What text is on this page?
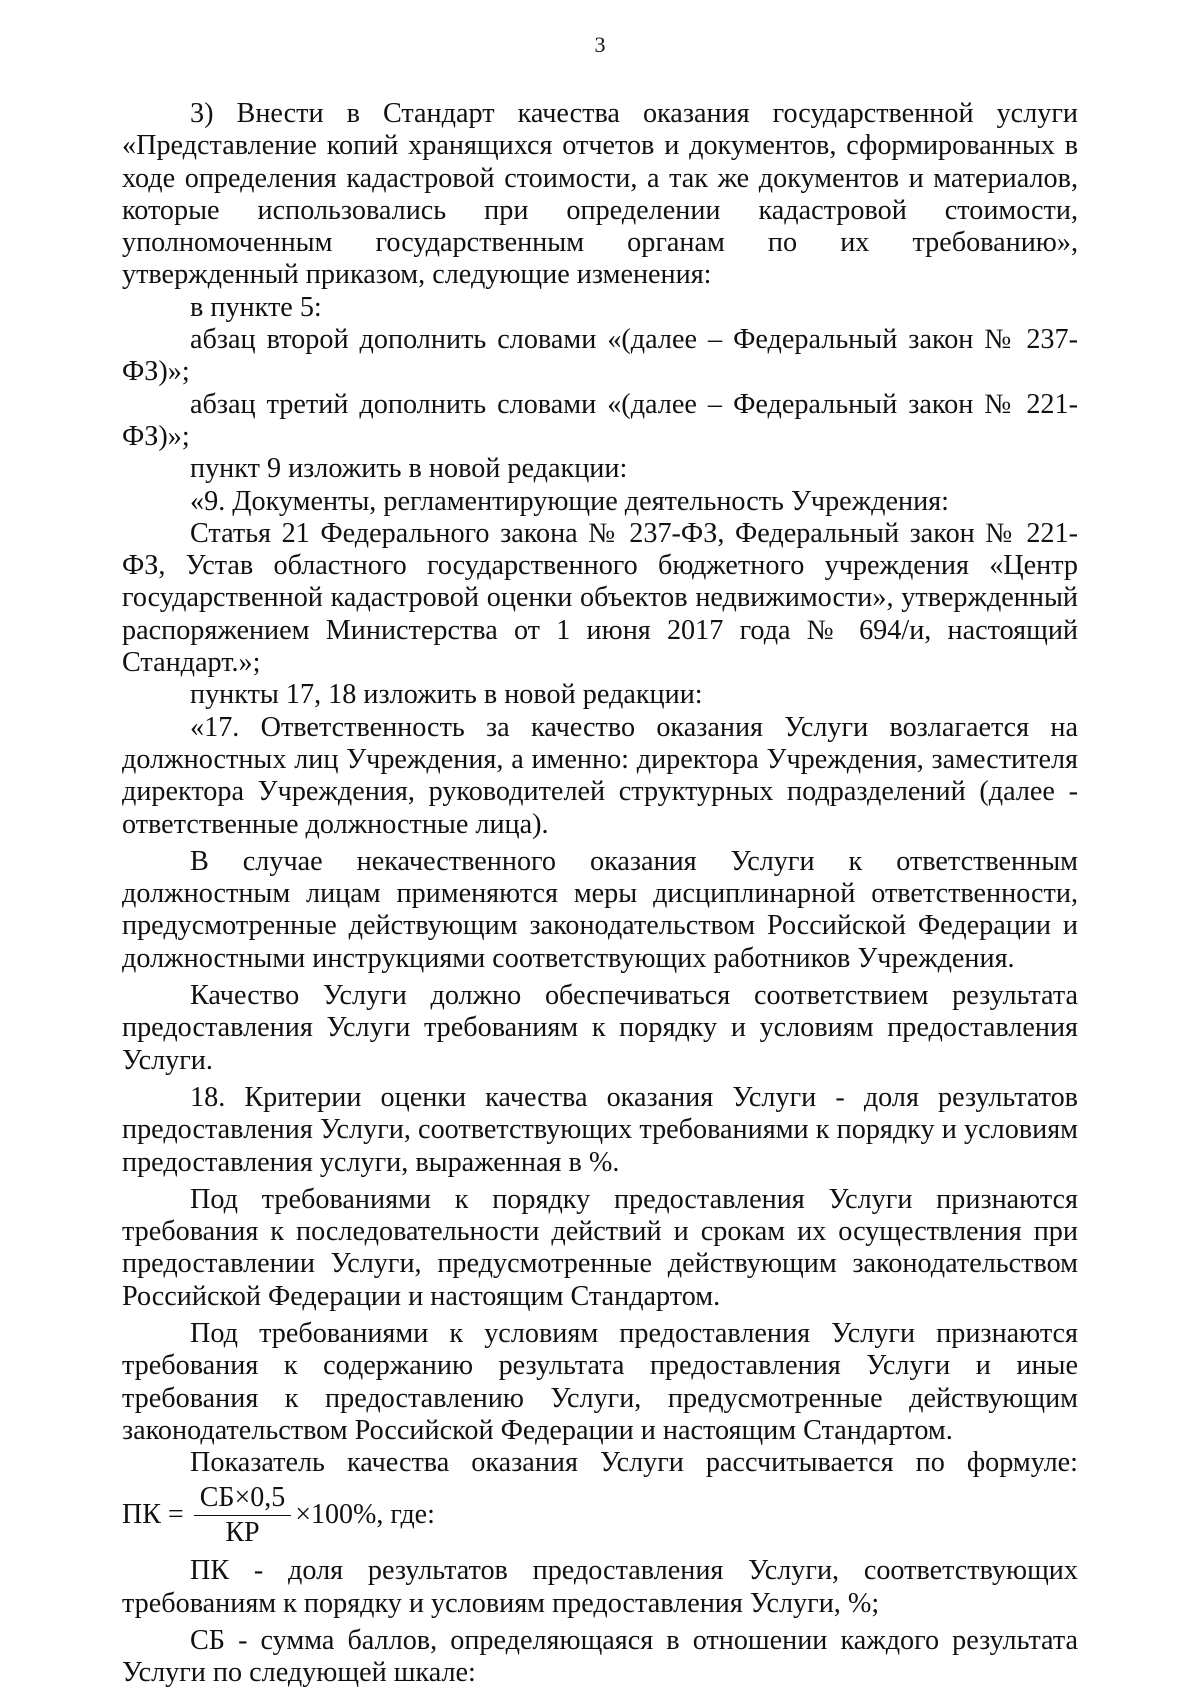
3

3) Внести в Стандарт качества оказания государственной услуги «Представление копий хранящихся отчетов и документов, сформированных в ходе определения кадастровой стоимости, а так же документов и материалов, которые использовались при определении кадастровой стоимости, уполномоченным государственным органам по их требованию», утвержденный приказом, следующие изменения:

в пункте 5:

абзац второй дополнить словами «(далее – Федеральный закон № 237-ФЗ)»;

абзац третий дополнить словами «(далее – Федеральный закон № 221-ФЗ)»;

пункт 9 изложить в новой редакции:

«9. Документы, регламентирующие деятельность Учреждения:

Статья 21 Федерального закона № 237-ФЗ, Федеральный закон № 221-ФЗ, Устав областного государственного бюджетного учреждения «Центр государственной кадастровой оценки объектов недвижимости», утвержденный распоряжением Министерства от 1 июня 2017 года № 694/и, настоящий Стандарт.»;

пункты 17, 18 изложить в новой редакции:

«17. Ответственность за качество оказания Услуги возлагается на должностных лиц Учреждения, а именно: директора Учреждения, заместителя директора Учреждения, руководителей структурных подразделений (далее - ответственные должностные лица).

В случае некачественного оказания Услуги к ответственным должностным лицам применяются меры дисциплинарной ответственности, предусмотренные действующим законодательством Российской Федерации и должностными инструкциями соответствующих работников Учреждения.

Качество Услуги должно обеспечиваться соответствием результата предоставления Услуги требованиям к порядку и условиям предоставления Услуги.

18. Критерии оценки качества оказания Услуги - доля результатов предоставления Услуги, соответствующих требованиями к порядку и условиям предоставления услуги, выраженная в %.

Под требованиями к порядку предоставления Услуги признаются требования к последовательности действий и срокам их осуществления при предоставлении Услуги, предусмотренные действующим законодательством Российской Федерации и настоящим Стандартом.

Под требованиями к условиям предоставления Услуги признаются требования к содержанию результата предоставления Услуги и иные требования к предоставлению Услуги, предусмотренные действующим законодательством Российской Федерации и настоящим Стандартом.

Показатель качества оказания Услуги рассчитывается по формуле:

ПК = $\frac{СБ\times 0,5}{КР} \times 100\%$, где:

ПК - доля результатов предоставления Услуги, соответствующих требованиям к порядку и условиям предоставления Услуги, %;

СБ - сумма баллов, определяющаяся в отношении каждого результата Услуги по следующей шкале:
